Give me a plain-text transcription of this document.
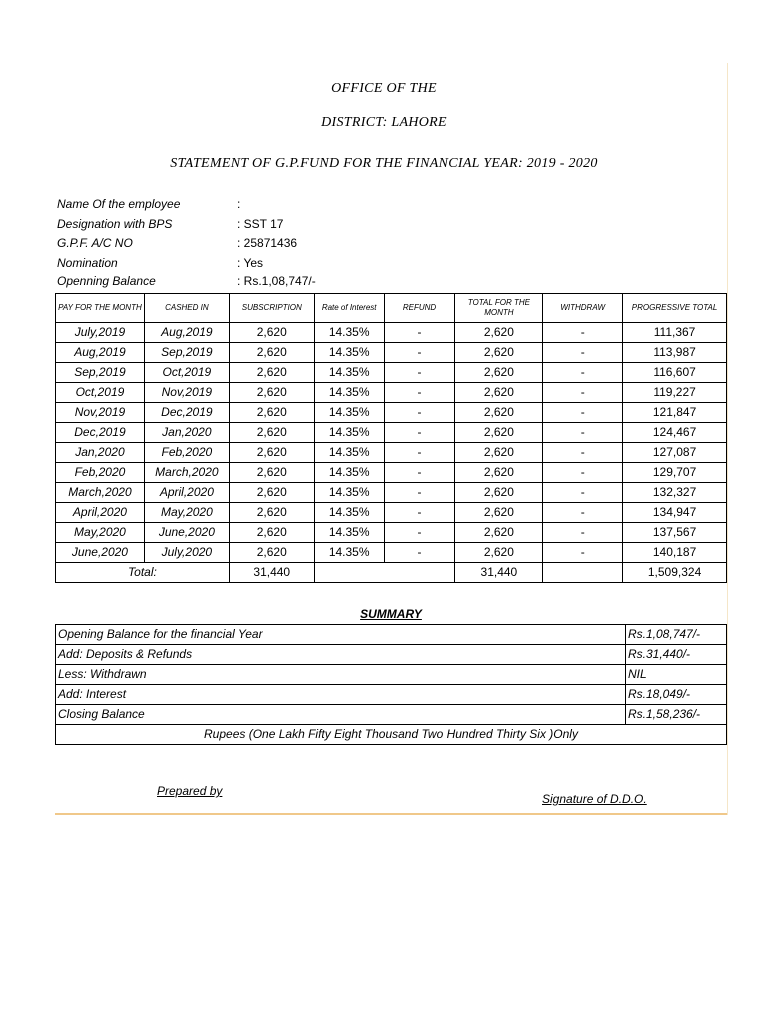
OFFICE OF THE
DISTRICT: LAHORE
STATEMENT OF G.P.FUND FOR THE FINANCIAL YEAR: 2019 - 2020
Name Of the employee	:
Designation with BPS	: SST 17
G.P.F. A/C NO	: 25871436
Nomination	: Yes
Openning Balance	: Rs.1,08,747/-
PAY FOR THE MONTH	CASHED IN	SUBSCRIPTION	Rate of Interest	REFUND	TOTAL FOR THE MONTH	WITHDRAW	PROGRESSIVE TOTAL
July,2019	Aug,2019	2,620	14.35%	-	2,620	-	111,367
Aug,2019	Sep,2019	2,620	14.35%	-	2,620	-	113,987
Sep,2019	Oct,2019	2,620	14.35%	-	2,620	-	116,607
Oct,2019	Nov,2019	2,620	14.35%	-	2,620	-	119,227
Nov,2019	Dec,2019	2,620	14.35%	-	2,620	-	121,847
Dec,2019	Jan,2020	2,620	14.35%	-	2,620	-	124,467
Jan,2020	Feb,2020	2,620	14.35%	-	2,620	-	127,087
Feb,2020	March,2020	2,620	14.35%	-	2,620	-	129,707
March,2020	April,2020	2,620	14.35%	-	2,620	-	132,327
April,2020	May,2020	2,620	14.35%	-	2,620	-	134,947
May,2020	June,2020	2,620	14.35%	-	2,620	-	137,567
June,2020	July,2020	2,620	14.35%	-	2,620	-	140,187
Total:		31,440			31,440		1,509,324
SUMMARY
Opening Balance for the financial Year	Rs.1,08,747/-
Add: Deposits & Refunds	Rs.31,440/-
Less: Withdrawn	NIL
Add: Interest	Rs.18,049/-
Closing Balance	Rs.1,58,236/-
Rupees (One Lakh Fifty Eight Thousand Two Hundred Thirty Six )Only	
Prepared by
Signature of D.D.O.
